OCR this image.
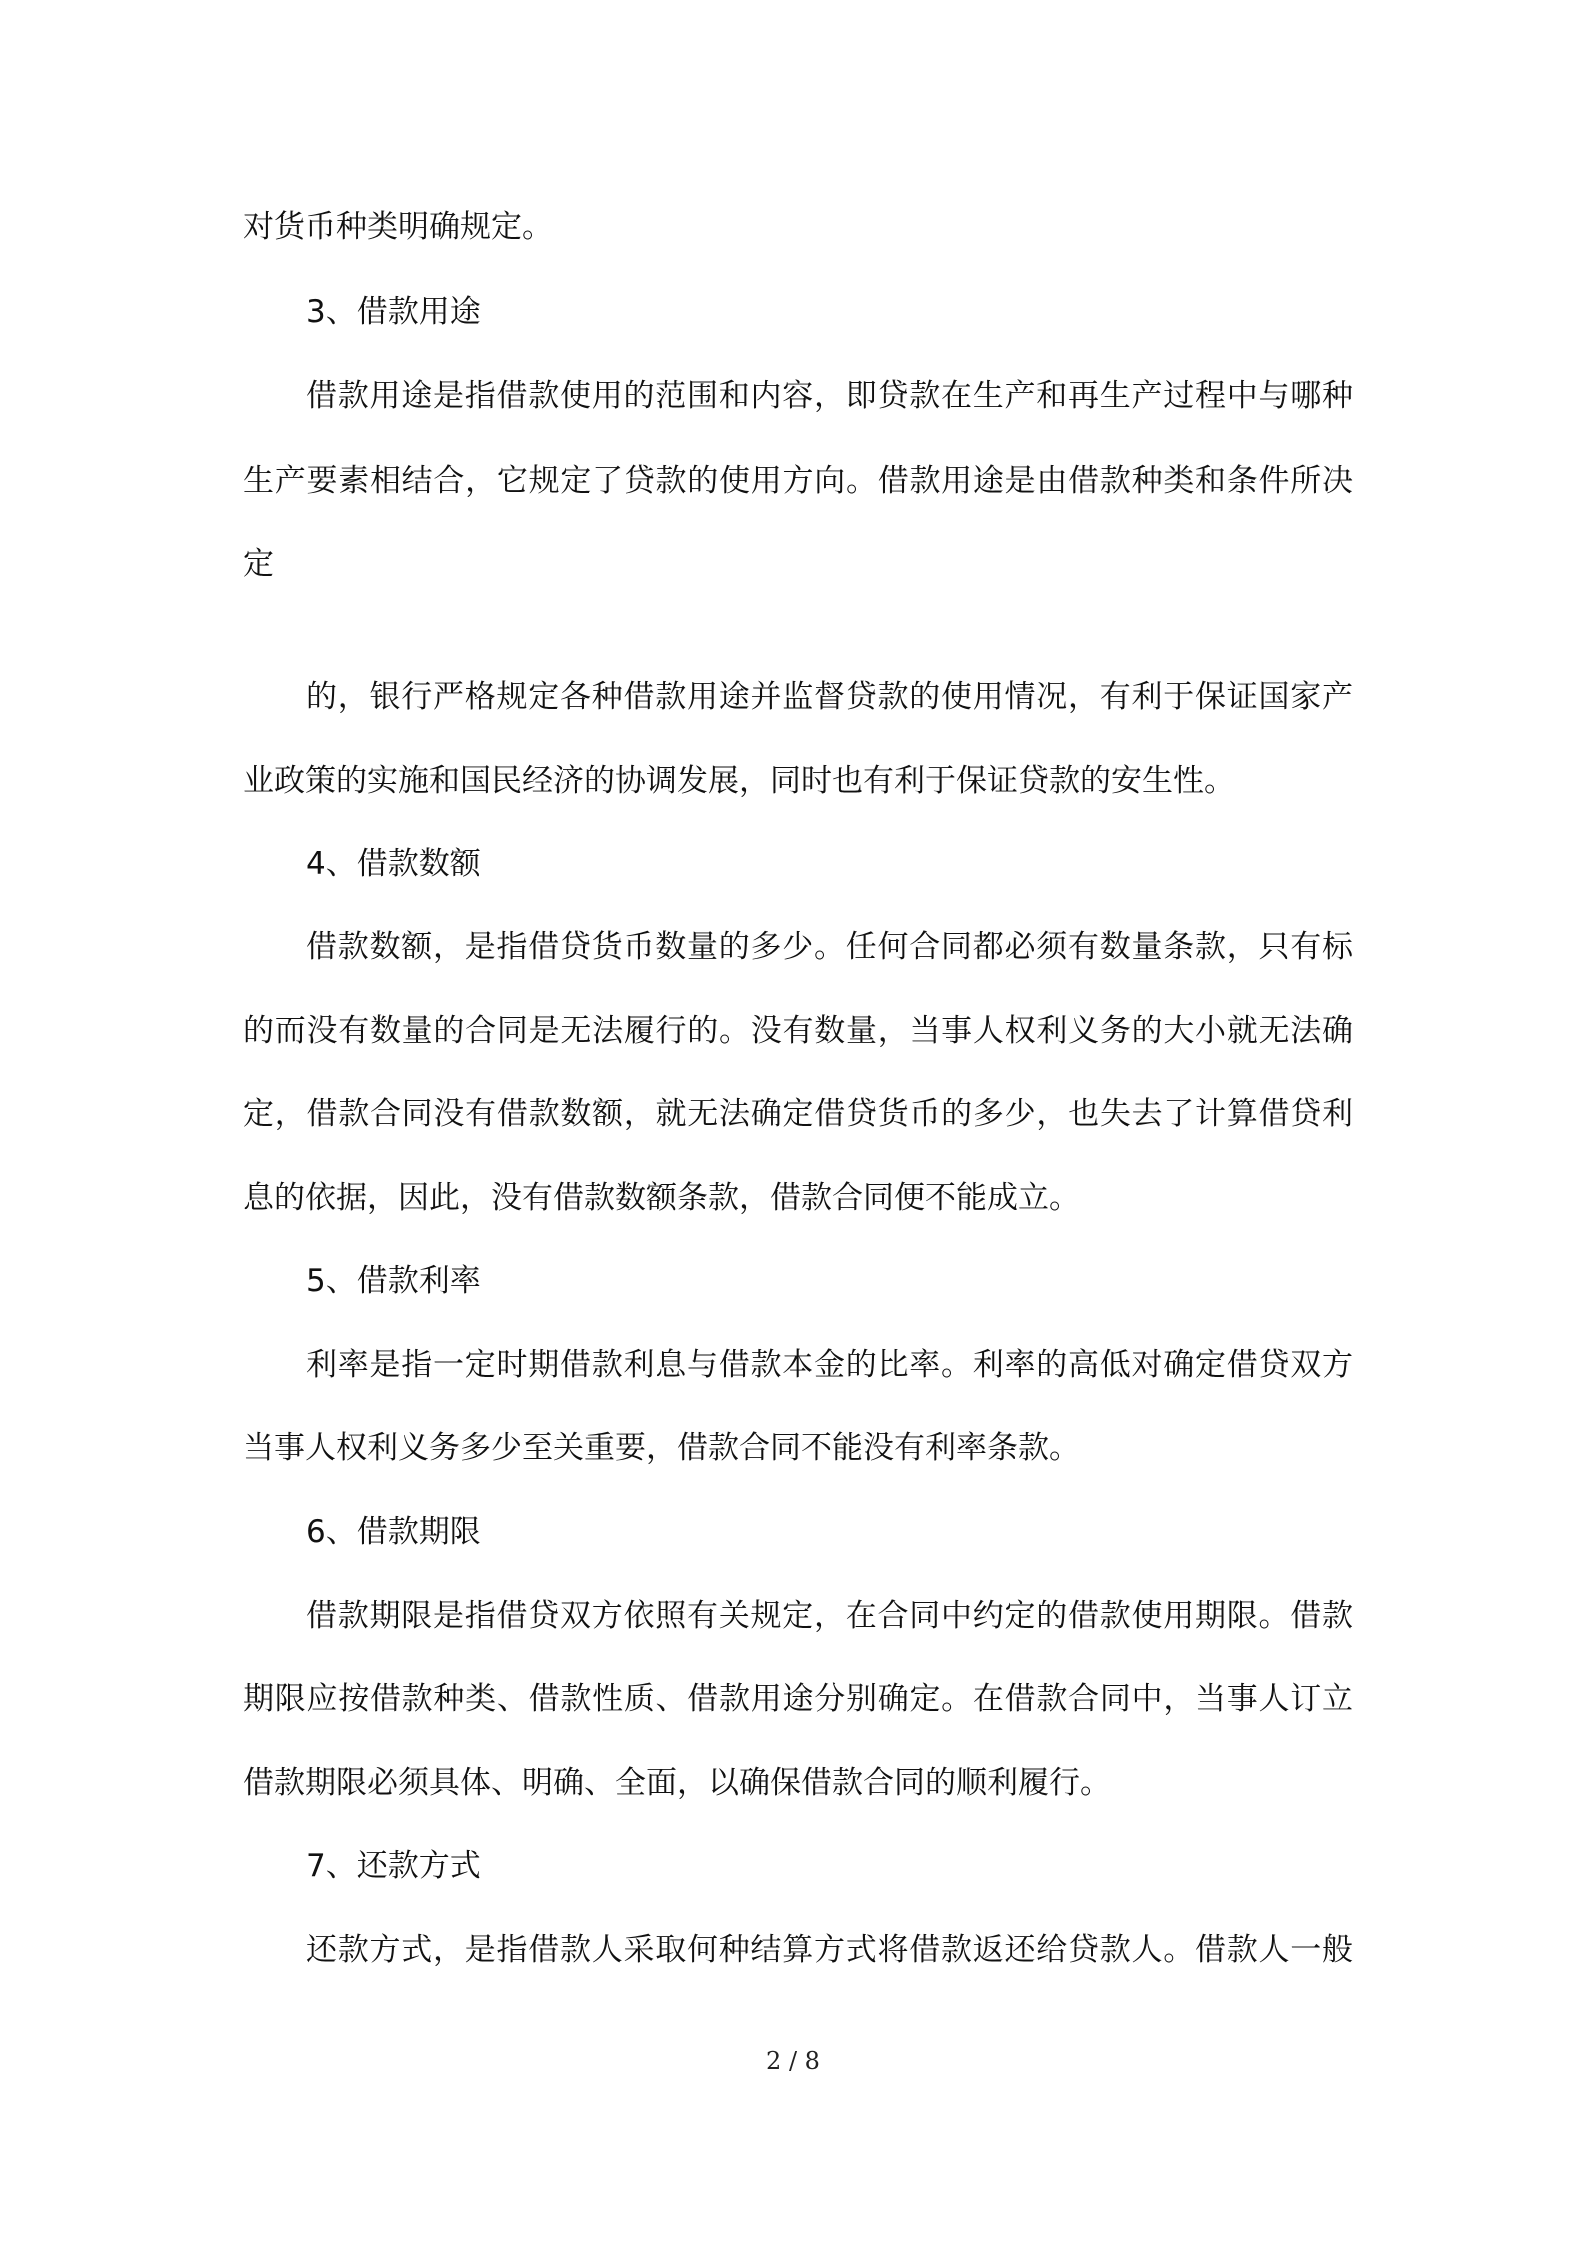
对货币种类明确规定。
3、借款用途
借款用途是指借款使用的范围和内容，即贷款在生产和再生产过程中与哪种
生产要素相结合，它规定了贷款的使用方向。借款用途是由借款种类和条件所决
定
的，银行严格规定各种借款用途并监督贷款的使用情况，有利于保证国家产
业政策的实施和国民经济的协调发展，同时也有利于保证贷款的安生性。
4、借款数额
借款数额，是指借贷货币数量的多少。任何合同都必须有数量条款，只有标
的而没有数量的合同是无法履行的。没有数量，当事人权利义务的大小就无法确
定，借款合同没有借款数额，就无法确定借贷货币的多少，也失去了计算借贷利
息的依据，因此，没有借款数额条款，借款合同便不能成立。
5、借款利率
利率是指一定时期借款利息与借款本金的比率。利率的高低对确定借贷双方
当事人权利义务多少至关重要，借款合同不能没有利率条款。
6、借款期限
借款期限是指借贷双方依照有关规定，在合同中约定的借款使用期限。借款
期限应按借款种类、借款性质、借款用途分别确定。在借款合同中，当事人订立
借款期限必须具体、明确、全面，以确保借款合同的顺利履行。
7、还款方式
还款方式，是指借款人采取何种结算方式将借款返还给贷款人。借款人一般
2 / 8
